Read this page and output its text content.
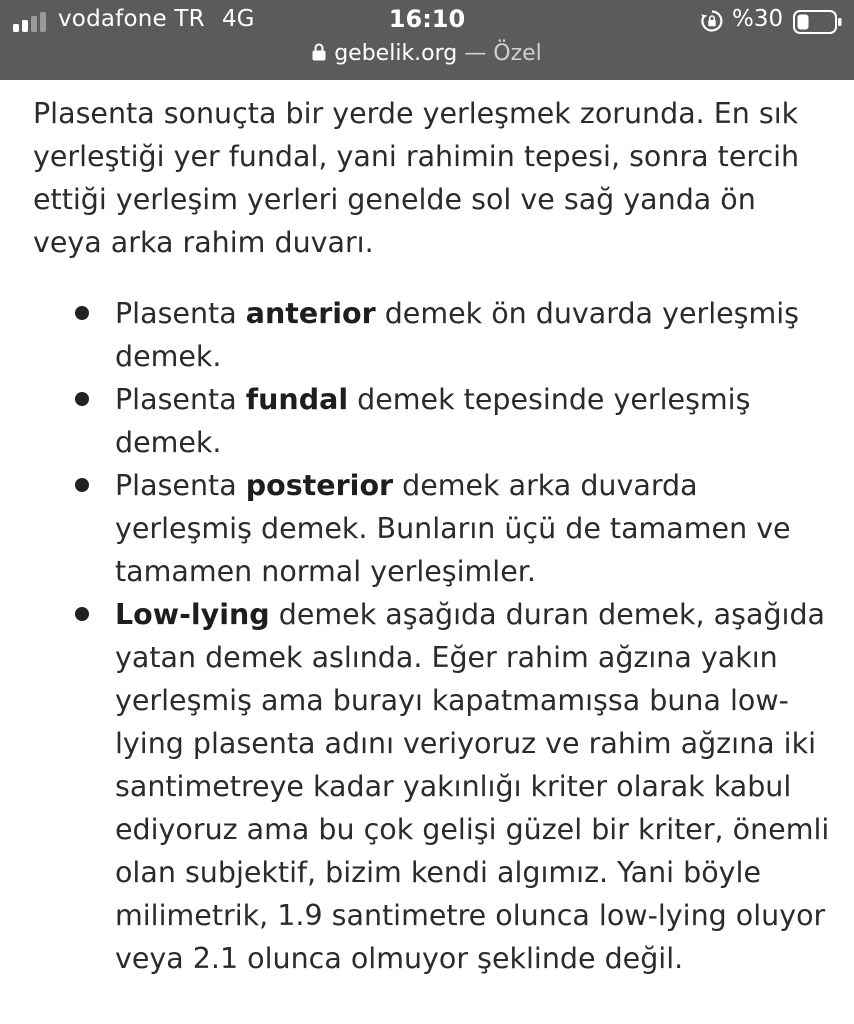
vodafone TR 4G	16:10	%30
gebelik.org — Özel

Plasenta sonuçta bir yerde yerleşmek zorunda. En sık yerleştiği yer fundal, yani rahimin tepesi, sonra tercih ettiği yerleşim yerleri genelde sol ve sağ yanda ön veya arka rahim duvarı.

Plasenta anterior demek ön duvarda yerleşmiş demek.
Plasenta fundal demek tepesinde yerleşmiş demek.
Plasenta posterior demek arka duvarda yerleşmiş demek. Bunların üçü de tamamen ve tamamen normal yerleşimler.
Low-lying demek aşağıda duran demek, aşağıda yatan demek aslında. Eğer rahim ağzına yakın yerleşmiş ama burayı kapatmamışsa buna low-lying plasenta adını veriyoruz ve rahim ağzına iki santimetreye kadar yakınlığı kriter olarak kabul ediyoruz ama bu çok gelişi güzel bir kriter, önemli olan subjektif, bizim kendi algımız. Yani böyle milimetrik, 1.9 santimetre olunca low-lying oluyor veya 2.1 olunca olmuyor şeklinde değil.
